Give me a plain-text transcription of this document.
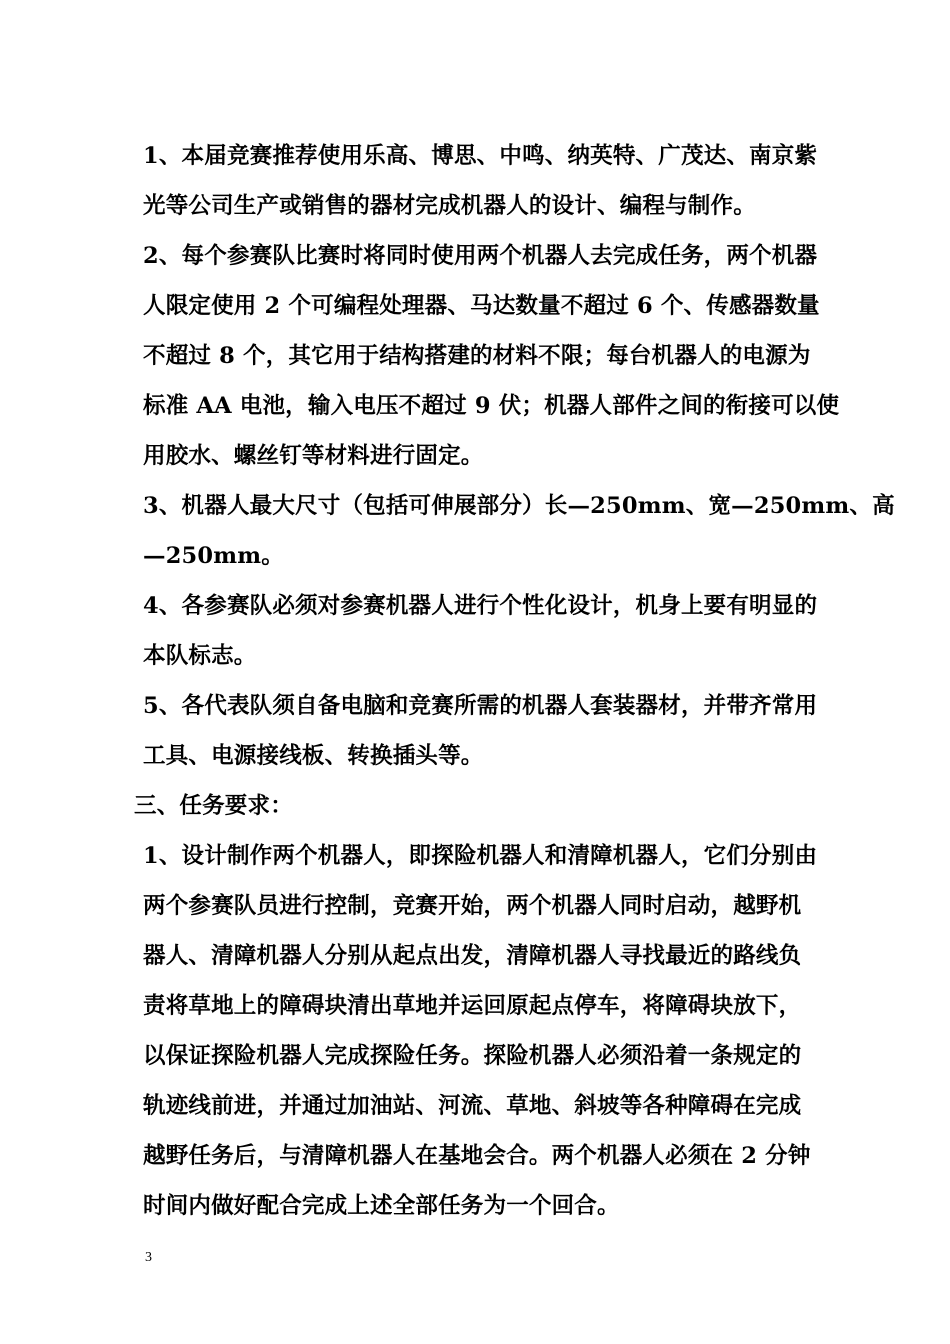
1、本届竞赛推荐使用乐高、博思、中鸣、纳英特、广茂达、南京紫
光等公司生产或销售的器材完成机器人的设计、编程与制作。
2、每个参赛队比赛时将同时使用两个机器人去完成任务，两个机器
人限定使用 2 个可编程处理器、马达数量不超过 6 个、传感器数量
不超过 8 个，其它用于结构搭建的材料不限；每台机器人的电源为
标准 AA 电池，输入电压不超过 9 伏；机器人部件之间的衔接可以使
用胶水、螺丝钉等材料进行固定。
3、机器人最大尺寸（包括可伸展部分）长—250mm、宽—250mm、高
—250mm。
4、各参赛队必须对参赛机器人进行个性化设计，机身上要有明显的
本队标志。
5、各代表队须自备电脑和竞赛所需的机器人套装器材，并带齐常用
工具、电源接线板、转换插头等。
三、任务要求：
1、设计制作两个机器人，即探险机器人和清障机器人，它们分别由
两个参赛队员进行控制，竞赛开始，两个机器人同时启动，越野机
器人、清障机器人分别从起点出发，清障机器人寻找最近的路线负
责将草地上的障碍块清出草地并运回原起点停车，将障碍块放下，
以保证探险机器人完成探险任务。探险机器人必须沿着一条规定的
轨迹线前进，并通过加油站、河流、草地、斜坡等各种障碍在完成
越野任务后，与清障机器人在基地会合。两个机器人必须在 2 分钟
时间内做好配合完成上述全部任务为一个回合。
3
